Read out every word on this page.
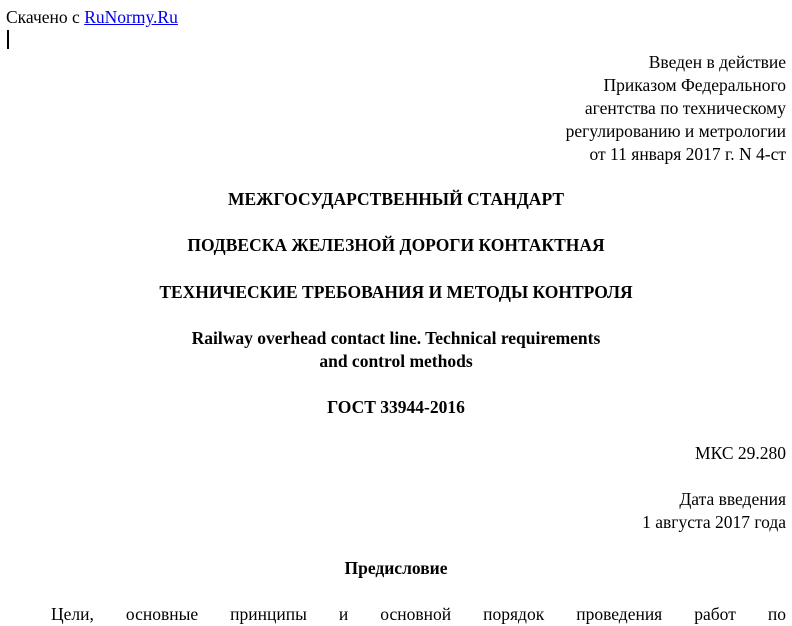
Скачено с RuNormy.Ru
Введен в действие
Приказом Федерального
агентства по техническому
регулированию и метрологии
от 11 января 2017 г. N 4-ст
МЕЖГОСУДАРСТВЕННЫЙ СТАНДАРТ
ПОДВЕСКА ЖЕЛЕЗНОЙ ДОРОГИ КОНТАКТНАЯ
ТЕХНИЧЕСКИЕ ТРЕБОВАНИЯ И МЕТОДЫ КОНТРОЛЯ
Railway overhead contact line. Technical requirements
and control methods
ГОСТ 33944-2016
МКС 29.280
Дата введения
1 августа 2017 года
Предисловие
Цели, основные принципы и основной порядок проведения работ по
